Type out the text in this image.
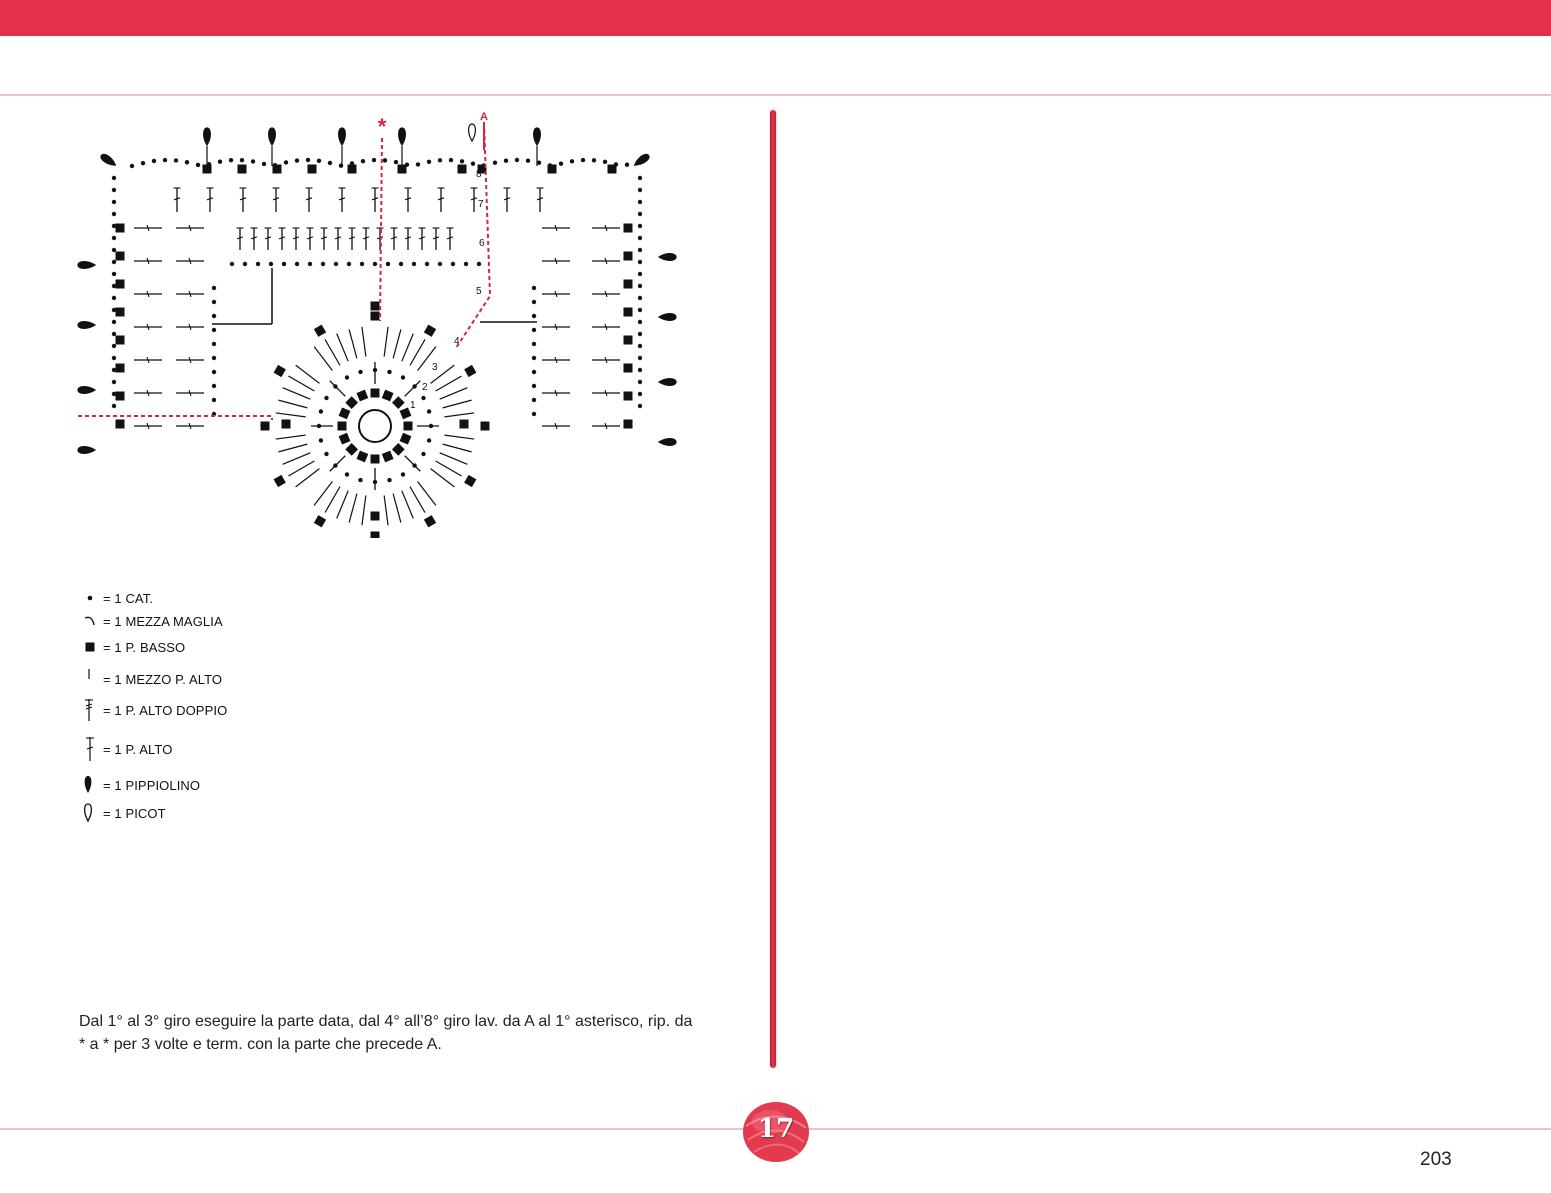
*	A
1
2
3
4
5
6
7
8
= 1 CAT.
= 1 MEZZA MAGLIA
= 1 P. BASSO
= 1 MEZZO P. ALTO
= 1 P. ALTO DOPPIO
= 1 P. ALTO
= 1 PIPPIOLINO
= 1 PICOT
Dal 1° al 3° giro eseguire la parte data, dal 4° all’8° giro lav. da A al 1° asterisco, rip. da
* a * per 3 volte e term. con la parte che precede A.
17
203
